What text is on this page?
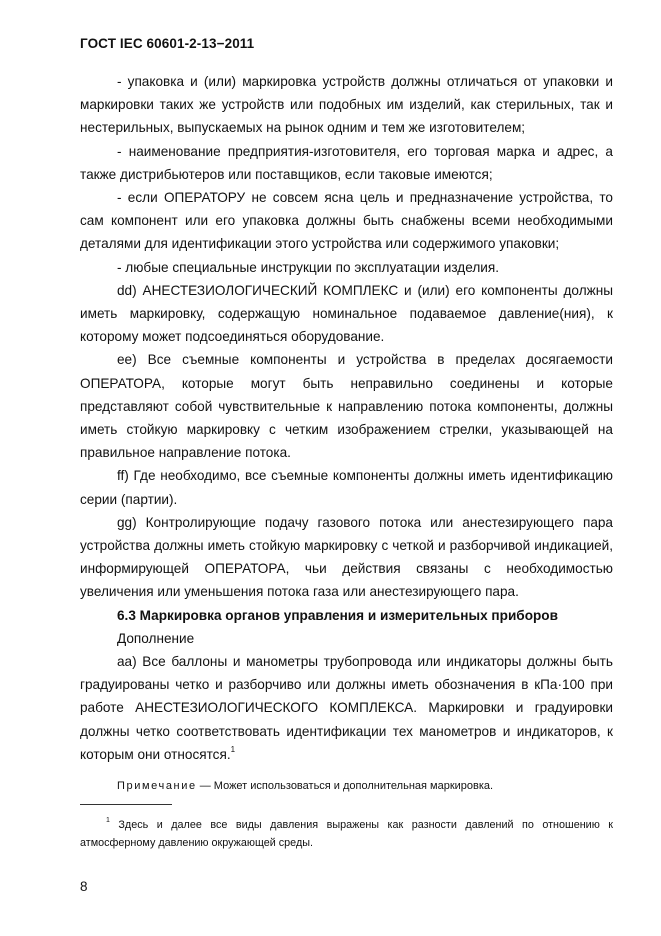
ГОСТ IEC 60601-2-13−2011

- упаковка и (или) маркировка устройств должны отличаться от упаковки и маркировки таких же устройств или подобных им изделий, как стерильных, так и нестерильных, выпускаемых на рынок одним и тем же изготовителем;

- наименование предприятия-изготовителя, его торговая марка и адрес, а также дистрибьютеров или поставщиков, если таковые имеются;

- если ОПЕРАТОРУ не совсем ясна цель и предназначение устройства, то сам компонент или его упаковка должны быть снабжены всеми необходимыми деталями для идентификации этого устройства или содержимого упаковки;

- любые специальные инструкции по эксплуатации изделия.

dd) АНЕСТЕЗИОЛОГИЧЕСКИЙ КОМПЛЕКС и (или) его компоненты должны иметь маркировку, содержащую номинальное подаваемое давление(ния), к которому может подсоединяться оборудование.

ee) Все съемные компоненты и устройства в пределах досягаемости ОПЕРАТОРА, которые могут быть неправильно соединены и которые представляют собой чувствительные к направлению потока компоненты, должны иметь стойкую маркировку с четким изображением стрелки, указывающей на правильное направление потока.

ff) Где необходимо, все съемные компоненты должны иметь идентификацию серии (партии).

gg) Контролирующие подачу газового потока или анестезирующего пара устройства должны иметь стойкую маркировку с четкой и разборчивой индикацией, информирующей ОПЕРАТОРА, чьи действия связаны с необходимостью увеличения или уменьшения потока газа или анестезирующего пара.

6.3 Маркировка органов управления и измерительных приборов

Дополнение

аа) Все баллоны и манометры трубопровода или индикаторы должны быть градуированы четко и разборчиво или должны иметь обозначения в кПа·100 при работе АНЕСТЕЗИОЛОГИЧЕСКОГО КОМПЛЕКСА. Маркировки и градуировки должны четко соответствовать идентификации тех манометров и индикаторов, к которым они относятся.$^1$

Примечание — Может использоваться и дополнительная маркировка.

$^1$ Здесь и далее все виды давления выражены как разности давлений по отношению к атмосферному давлению окружающей среды.

8
